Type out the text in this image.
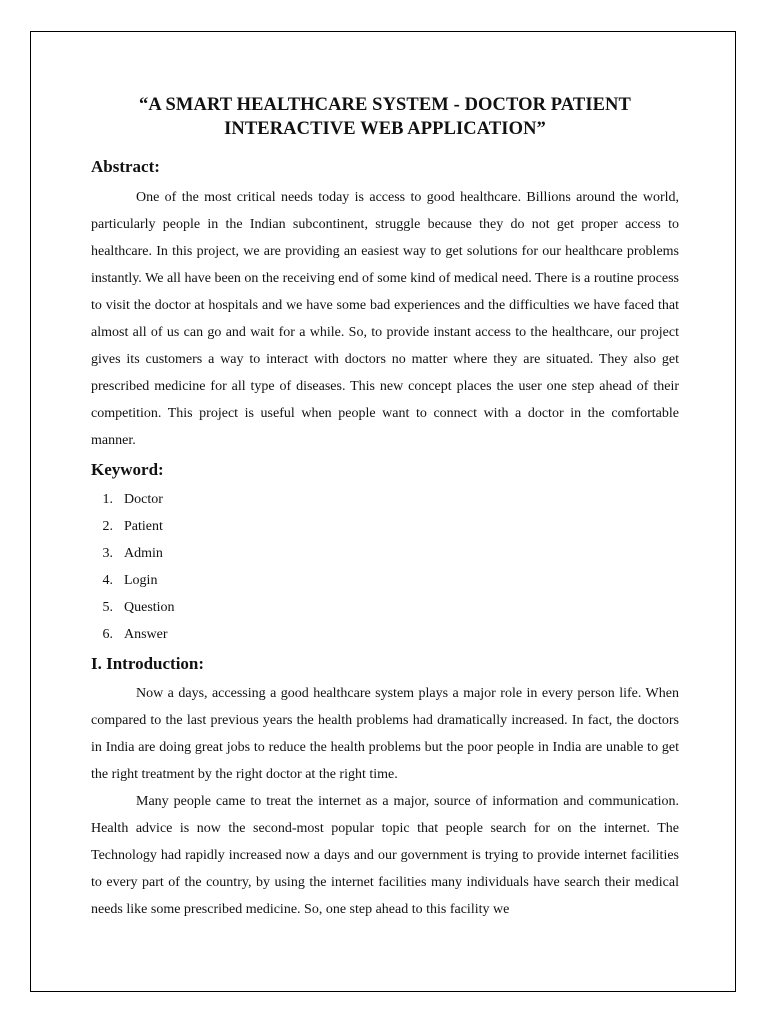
“A SMART HEALTHCARE SYSTEM - DOCTOR PATIENT
INTERACTIVE WEB APPLICATION”
Abstract:

One of the most critical needs today is access to good healthcare. Billions around the world, particularly people in the Indian subcontinent, struggle because they do not get proper access to healthcare. In this project, we are providing an easiest way to get solutions for our healthcare problems instantly. We all have been on the receiving end of some kind of medical need. There is a routine process to visit the doctor at hospitals and we have some bad experiences and the difficulties we have faced that almost all of us can go and wait for a while. So, to provide instant access to the healthcare, our project gives its customers a way to interact with doctors no matter where they are situated. They also get prescribed medicine for all type of diseases. This new concept places the user one step ahead of their competition. This project is useful when people want to connect with a doctor in the comfortable manner.

Keyword:
1. Doctor
2. Patient
3. Admin
4. Login
5. Question
6. Answer
I. Introduction:

Now a days, accessing a good healthcare system plays a major role in every person life. When compared to the last previous years the health problems had dramatically increased. In fact, the doctors in India are doing great jobs to reduce the health problems but the poor people in India are unable to get the right treatment by the right doctor at the right time.

Many people came to treat the internet as a major, source of information and communication. Health advice is now the second-most popular topic that people search for on the internet. The Technology had rapidly increased now a days and our government is trying to provide internet facilities to every part of the country, by using the internet facilities many individuals have search their medical needs like some prescribed medicine. So, one step ahead to this facility we
